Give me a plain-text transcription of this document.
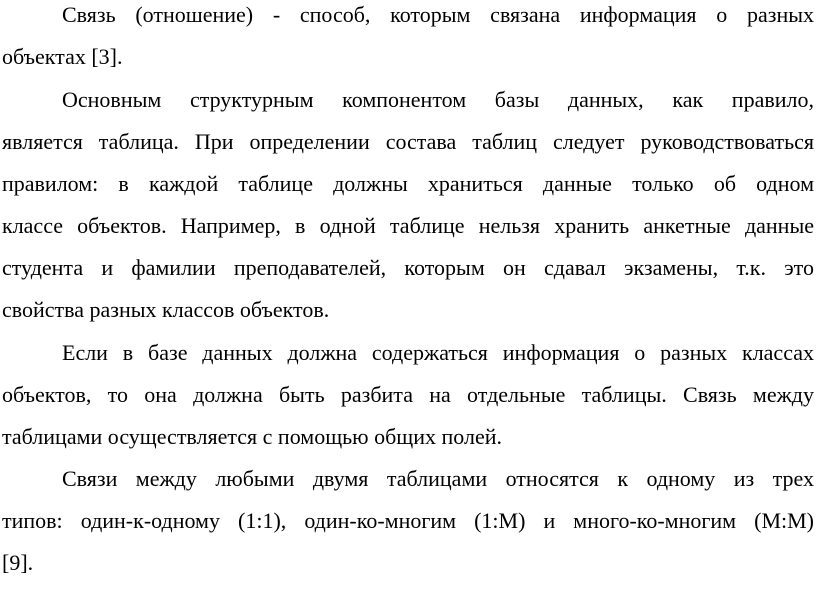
Связь (отношение) - способ, которым связана информация о разных
объектах [3].
Основным структурным компонентом базы данных, как правило,
является таблица. При определении состава таблиц следует руководствоваться
правилом: в каждой таблице должны храниться данные только об одном
классе объектов. Например, в одной таблице нельзя хранить анкетные данные
студента и фамилии преподавателей, которым он сдавал экзамены, т.к. это
свойства разных классов объектов.
Если в базе данных должна содержаться информация о разных классах
объектов, то она должна быть разбита на отдельные таблицы. Связь между
таблицами осуществляется с помощью общих полей.
Связи между любыми двумя таблицами относятся к одному из трех
типов: один-к-одному (1:1), один-ко-многим (1:M) и много-ко-многим (M:M)
[9].
